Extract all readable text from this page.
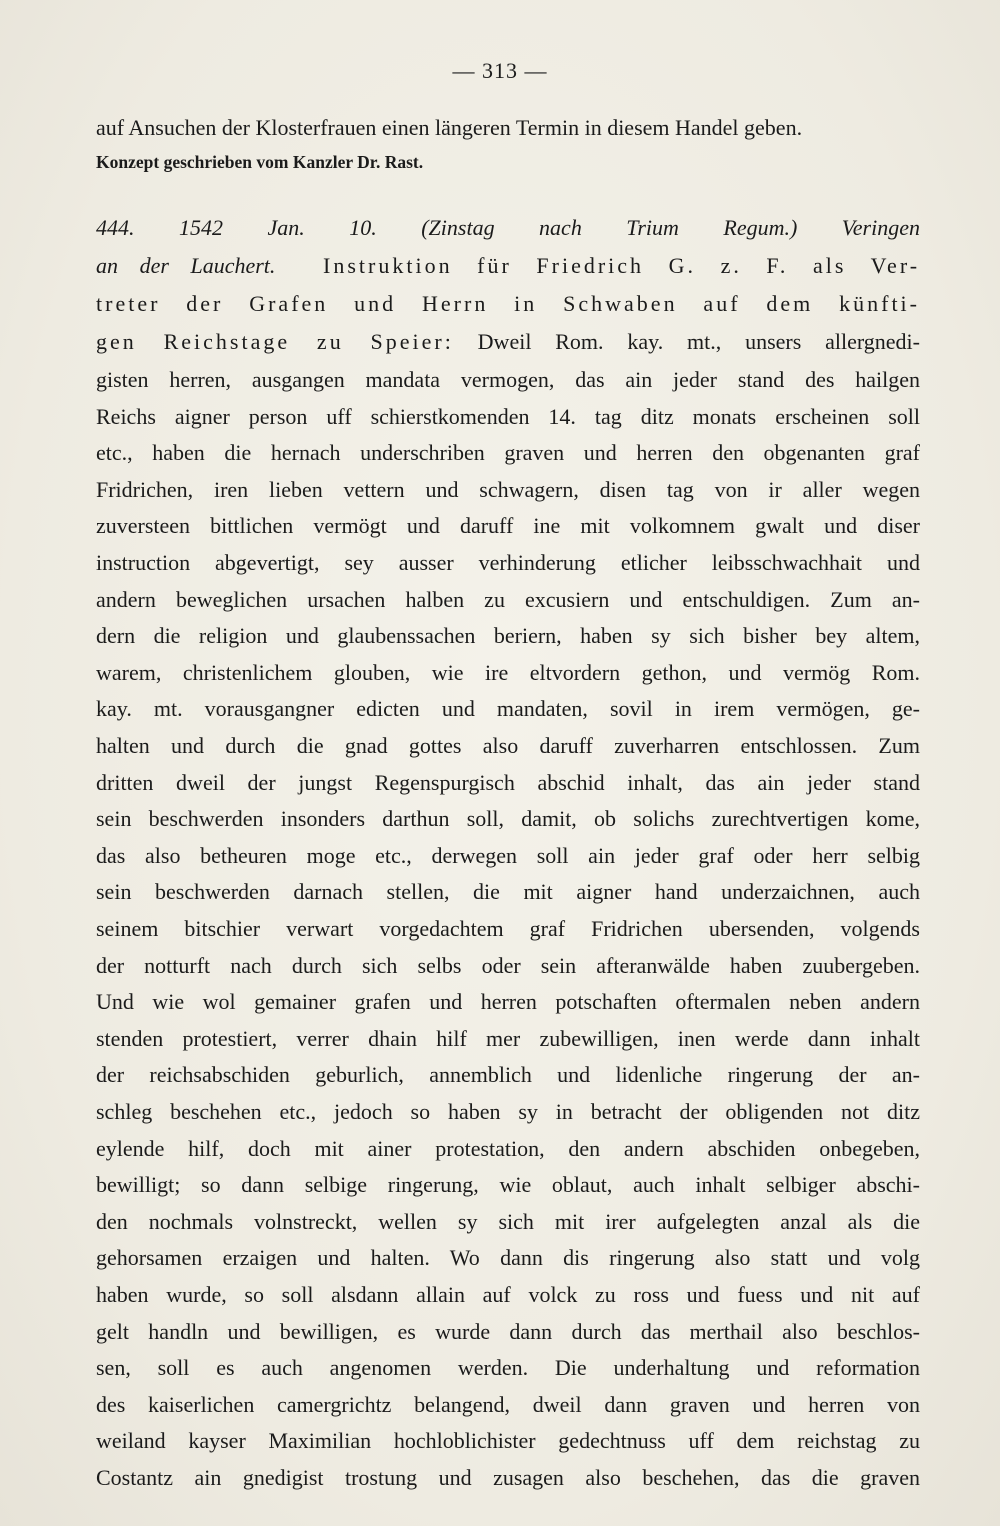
— 313 —
auf Ansuchen der Klosterfrauen einen längeren Termin in diesem Handel geben.
Konzept geschrieben vom Kanzler Dr. Rast.
444. 1542 Jan. 10. (Zinstag nach Trium Regum.) Veringen
an der Lauchert. Instruktion für Friedrich G. z. F. als Ver-
treter der Grafen und Herrn in Schwaben auf dem künfti-
gen Reichstage zu Speier: Dweil Rom. kay. mt., unsers allergnedi-
gisten herren, ausgangen mandata vermogen, das ain jeder stand des hailgen
Reichs aigner person uff schierstkomenden 14. tag ditz monats erscheinen soll
etc., haben die hernach underschriben graven und herren den obgenanten graf
Fridrichen, iren lieben vettern und schwagern, disen tag von ir aller wegen
zuversteen bittlichen vermögt und daruff ine mit volkomnem gwalt und diser
instruction abgevertigt, sey ausser verhinderung etlicher leibsschwachhait und
andern beweglichen ursachen halben zu excusiern und entschuldigen. Zum an-
dern die religion und glaubenssachen beriern, haben sy sich bisher bey altem,
warem, christenlichem glouben, wie ire eltvordern gethon, und vermög Rom.
kay. mt. vorausgangner edicten und mandaten, sovil in irem vermögen, ge-
halten und durch die gnad gottes also daruff zuverharren entschlossen. Zum
dritten dweil der jungst Regenspurgisch abschid inhalt, das ain jeder stand
sein beschwerden insonders darthun soll, damit, ob solichs zurechtvertigen kome,
das also betheuren moge etc., derwegen soll ain jeder graf oder herr selbig
sein beschwerden darnach stellen, die mit aigner hand underzaichnen, auch
seinem bitschier verwart vorgedachtem graf Fridrichen ubersenden, volgends
der notturft nach durch sich selbs oder sein afteranwälde haben zuubergeben.
Und wie wol gemainer grafen und herren potschaften oftermalen neben andern
stenden protestiert, verrer dhain hilf mer zubewilligen, inen werde dann inhalt
der reichsabschiden geburlich, annemblich und lidenliche ringerung der an-
schleg beschehen etc., jedoch so haben sy in betracht der obligenden not ditz
eylende hilf, doch mit ainer protestation, den andern abschiden onbegeben,
bewilligt; so dann selbige ringerung, wie oblaut, auch inhalt selbiger abschi-
den nochmals volnstreckt, wellen sy sich mit irer aufgelegten anzal als die
gehorsamen erzaigen und halten. Wo dann dis ringerung also statt und volg
haben wurde, so soll alsdann allain auf volck zu ross und fuess und nit auf
gelt handln und bewilligen, es wurde dann durch das merthail also beschlos-
sen, soll es auch angenomen werden. Die underhaltung und reformation
des kaiserlichen camergrichtz belangend, dweil dann graven und herren von
weiland kayser Maximilian hochloblichister gedechtnuss uff dem reichstag zu
Costantz ain gnedigist trostung und zusagen also beschehen, das die graven
